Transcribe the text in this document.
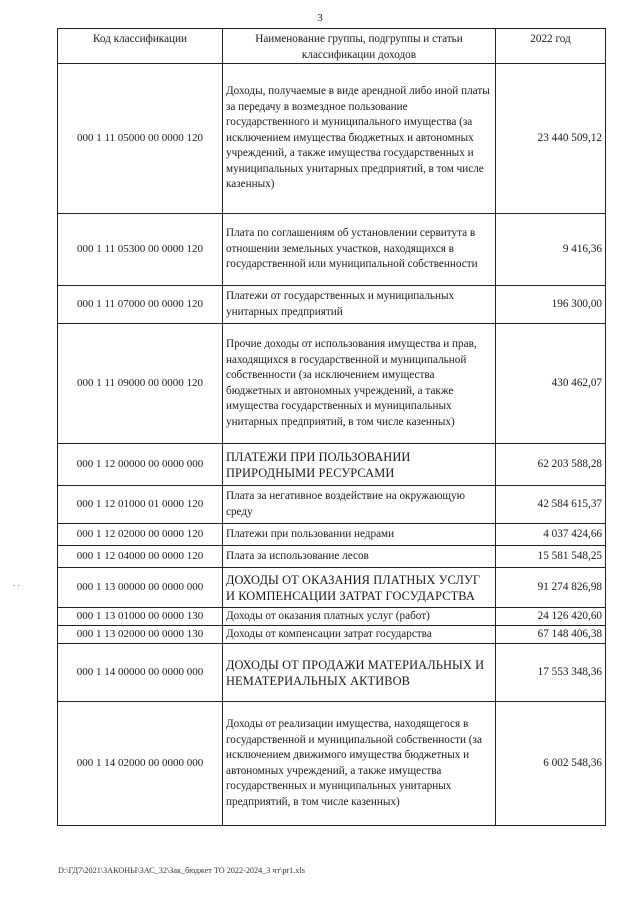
3
. .
Код классификации	Наименование группы, подгруппы и статьи классификации доходов	2022 год
000 1 11 05000 00 0000 120	Доходы, получаемые в виде арендной либо иной платы за передачу в возмездное пользование государственного и муниципального имущества (за исключением имущества бюджетных и автономных учреждений, а также имущества государственных и муниципальных унитарных предприятий, в том числе казенных)	23 440 509,12
000 1 11 05300 00 0000 120	Плата по соглашениям об установлении сервитута в отношении земельных участков, находящихся в государственной или муниципальной собственности	9 416,36
000 1 11 07000 00 0000 120	Платежи от государственных и муниципальных унитарных предприятий	196 300,00
000 1 11 09000 00 0000 120	Прочие доходы от использования имущества и прав, находящихся в государственной и муниципальной собственности (за исключением имущества бюджетных и автономных учреждений, а также имущества государственных и муниципальных унитарных предприятий, в том числе казенных)	430 462,07
000 1 12 00000 00 0000 000	ПЛАТЕЖИ ПРИ ПОЛЬЗОВАНИИ ПРИРОДНЫМИ РЕСУРСАМИ	62 203 588,28
000 1 12 01000 01 0000 120	Плата за негативное воздействие на окружающую среду	42 584 615,37
000 1 12 02000 00 0000 120	Платежи при пользовании недрами	4 037 424,66
000 1 12 04000 00 0000 120	Плата за использование лесов	15 581 548,25
000 1 13 00000 00 0000 000	ДОХОДЫ ОТ ОКАЗАНИЯ ПЛАТНЫХ УСЛУГ И КОМПЕНСАЦИИ ЗАТРАТ ГОСУДАРСТВА	91 274 826,98
000 1 13 01000 00 0000 130	Доходы от оказания платных услуг (работ)	24 126 420,60
000 1 13 02000 00 0000 130	Доходы от компенсации затрат государства	67 148 406,38
000 1 14 00000 00 0000 000	ДОХОДЫ ОТ ПРОДАЖИ МАТЕРИАЛЬНЫХ И НЕМАТЕРИАЛЬНЫХ АКТИВОВ	17 553 348,36
000 1 14 02000 00 0000 000	Доходы от реализации имущества, находящегося в государственной и муниципальной собственности (за исключением движимого имущества бюджетных и автономных учреждений, а также имущества государственных и муниципальных унитарных предприятий, в том числе казенных)	6 002 548,36
D:\ГД7\2021\ЗАКОНЫ\ЗАС_32\Зак_бюджет ТО 2022-2024_3 чт\pr1.xls
